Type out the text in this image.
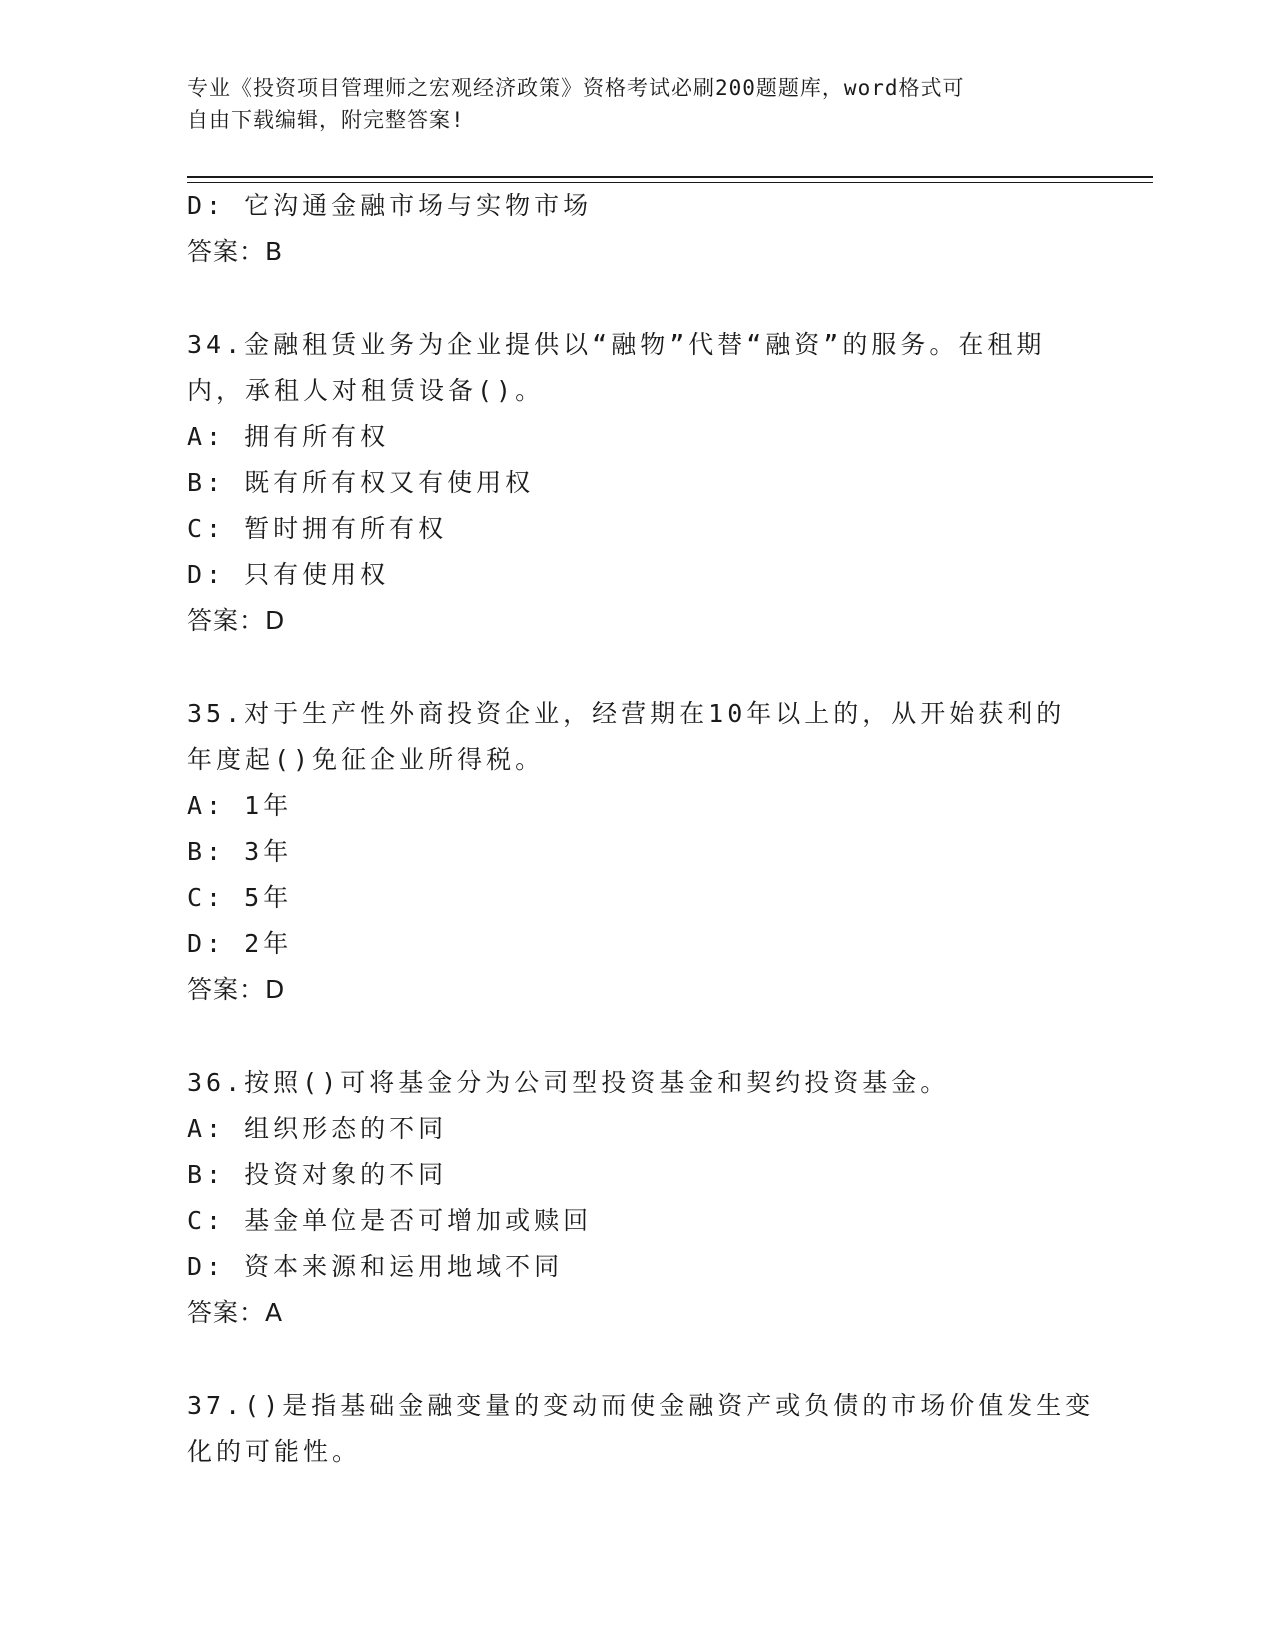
专业《投资项目管理师之宏观经济政策》资格考试必刷200题题库，word格式可
自由下载编辑，附完整答案!
D: 它沟通金融市场与实物市场
答案：B
34.金融租赁业务为企业提供以“融物”代替“融资”的服务。在租期
内，承租人对租赁设备()。
A: 拥有所有权
B: 既有所有权又有使用权
C: 暂时拥有所有权
D: 只有使用权
答案：D
35.对于生产性外商投资企业，经营期在10年以上的，从开始获利的
年度起()免征企业所得税。
A: 1年
B: 3年
C: 5年
D: 2年
答案：D
36.按照()可将基金分为公司型投资基金和契约投资基金。
A: 组织形态的不同
B: 投资对象的不同
C: 基金单位是否可增加或赎回
D: 资本来源和运用地域不同
答案：A
37.()是指基础金融变量的变动而使金融资产或负债的市场价值发生变
化的可能性。
